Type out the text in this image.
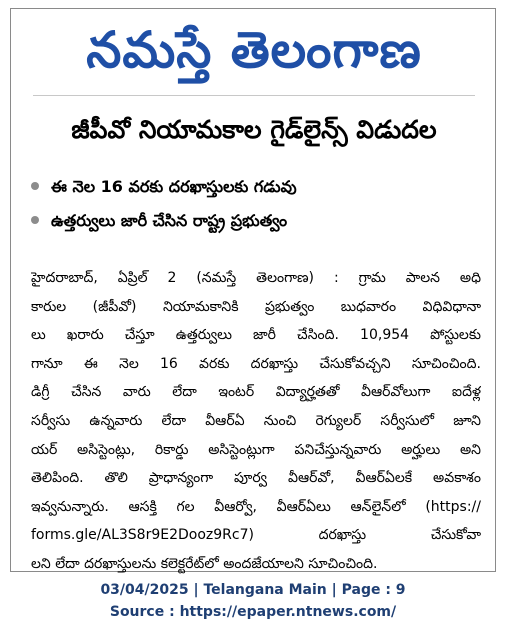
నమస్తే తెలంగాణ
జీపీవో నియామకాల గైడ్‌లైన్స్ విడుదల
ఈ నెల 16 వరకు దరఖాస్తులకు గడువు
ఉత్తర్వులు జారీ చేసిన రాష్ట్ర ప్రభుత్వం
హైదరాబాద్, ఏప్రిల్ 2 (నమస్తే తెలంగాణ) : గ్రామ పాలన అధి
కారుల (జీపీవో) నియామకానికి ప్రభుత్వం బుధవారం విధివిధానా
లు ఖరారు చేస్తూ ఉత్తర్వులు జారీ చేసింది. 10,954 పోస్టులకు
గానూ ఈ నెల 16 వరకు దరఖాస్తు చేసుకోవచ్చని సూచించింది.
డిగ్రీ చేసిన వారు లేదా ఇంటర్ విద్యార్హతతో వీఆర్‌వోలుగా ఐదేళ్ల
సర్వీసు ఉన్నవారు లేదా వీఆర్‌ఏ నుంచి రెగ్యులర్ సర్వీసులో జూని
యర్ అసిస్టెంట్లు, రికార్డు అసిస్టెంట్లుగా పనిచేస్తున్నవారు అర్హులు అని
తెలిపింది. తొలి ప్రాధాన్యంగా పూర్వ వీఆర్‌వో, వీఆర్‌ఏలకే అవకాశం
ఇవ్వనున్నారు. ఆసక్తి గల వీఆర్వో, వీఆర్‌ఏలు ఆన్‌లైన్‌లో (https://
forms.gle/AL3S8r9E2Dooz9Rc7) దరఖాస్తు చేసుకోవా
లని లేదా దరఖాస్తులను కలెక్టరేట్‌లో అందజేయాలని సూచించింది.
03/04/2025 | Telangana Main | Page : 9
Source : https://epaper.ntnews.com/
